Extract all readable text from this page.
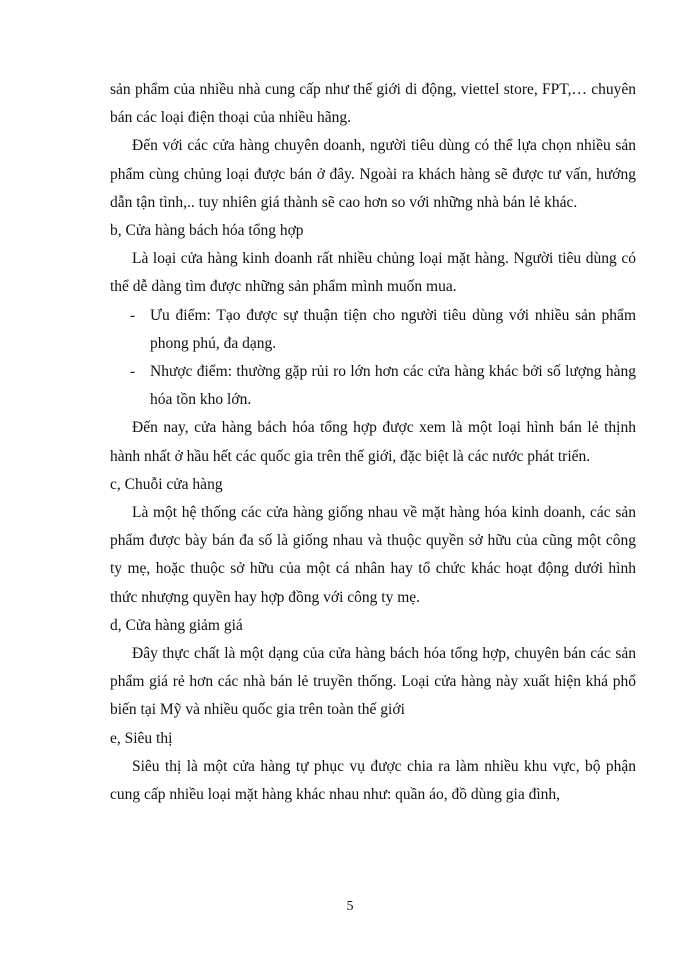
sản phẩm của nhiều nhà cung cấp như thế giới di động, viettel store, FPT,… chuyên bán các loại điện thoại của nhiều hãng.

Đến với các cửa hàng chuyên doanh, người tiêu dùng có thể lựa chọn nhiều sản phẩm cùng chủng loại được bán ở đây. Ngoài ra khách hàng sẽ được tư vấn, hướng dẫn tận tình,.. tuy nhiên giá thành sẽ cao hơn so với những nhà bán lẻ khác.

b, Cửa hàng bách hóa tổng hợp

Là loại cửa hàng kinh doanh rất nhiều chủng loại mặt hàng. Người tiêu dùng có thể dễ dàng tìm được những sản phẩm mình muốn mua.

- Ưu điểm: Tạo được sự thuận tiện cho người tiêu dùng với nhiều sản phẩm phong phú, đa dạng.
- Nhược điểm: thường gặp rủi ro lớn hơn các cửa hàng khác bởi số lượng hàng hóa tồn kho lớn.

Đến nay, cửa hàng bách hóa tổng hợp được xem là một loại hình bán lẻ thịnh hành nhất ở hầu hết các quốc gia trên thế giới, đặc biệt là các nước phát triển.

c, Chuỗi cửa hàng

Là một hệ thống các cửa hàng giống nhau về mặt hàng hóa kinh doanh, các sản phẩm được bày bán đa số là giống nhau và thuộc quyền sở hữu của cũng một công ty mẹ, hoặc thuộc sở hữu của một cá nhân hay tổ chức khác hoạt động dưới hình thức nhượng quyền hay hợp đồng với công ty mẹ.

d, Cửa hàng giảm giá

Đây thực chất là một dạng của cửa hàng bách hóa tổng hợp, chuyên bán các sản phẩm giá rẻ hơn các nhà bán lẻ truyền thống. Loại cửa hàng này xuất hiện khá phổ biến tại Mỹ và nhiều quốc gia trên toàn thế giới

e, Siêu thị

Siêu thị là một cửa hàng tự phục vụ được chia ra làm nhiều khu vực, bộ phận cung cấp nhiều loại mặt hàng khác nhau như: quần áo, đồ dùng gia đình,

5
